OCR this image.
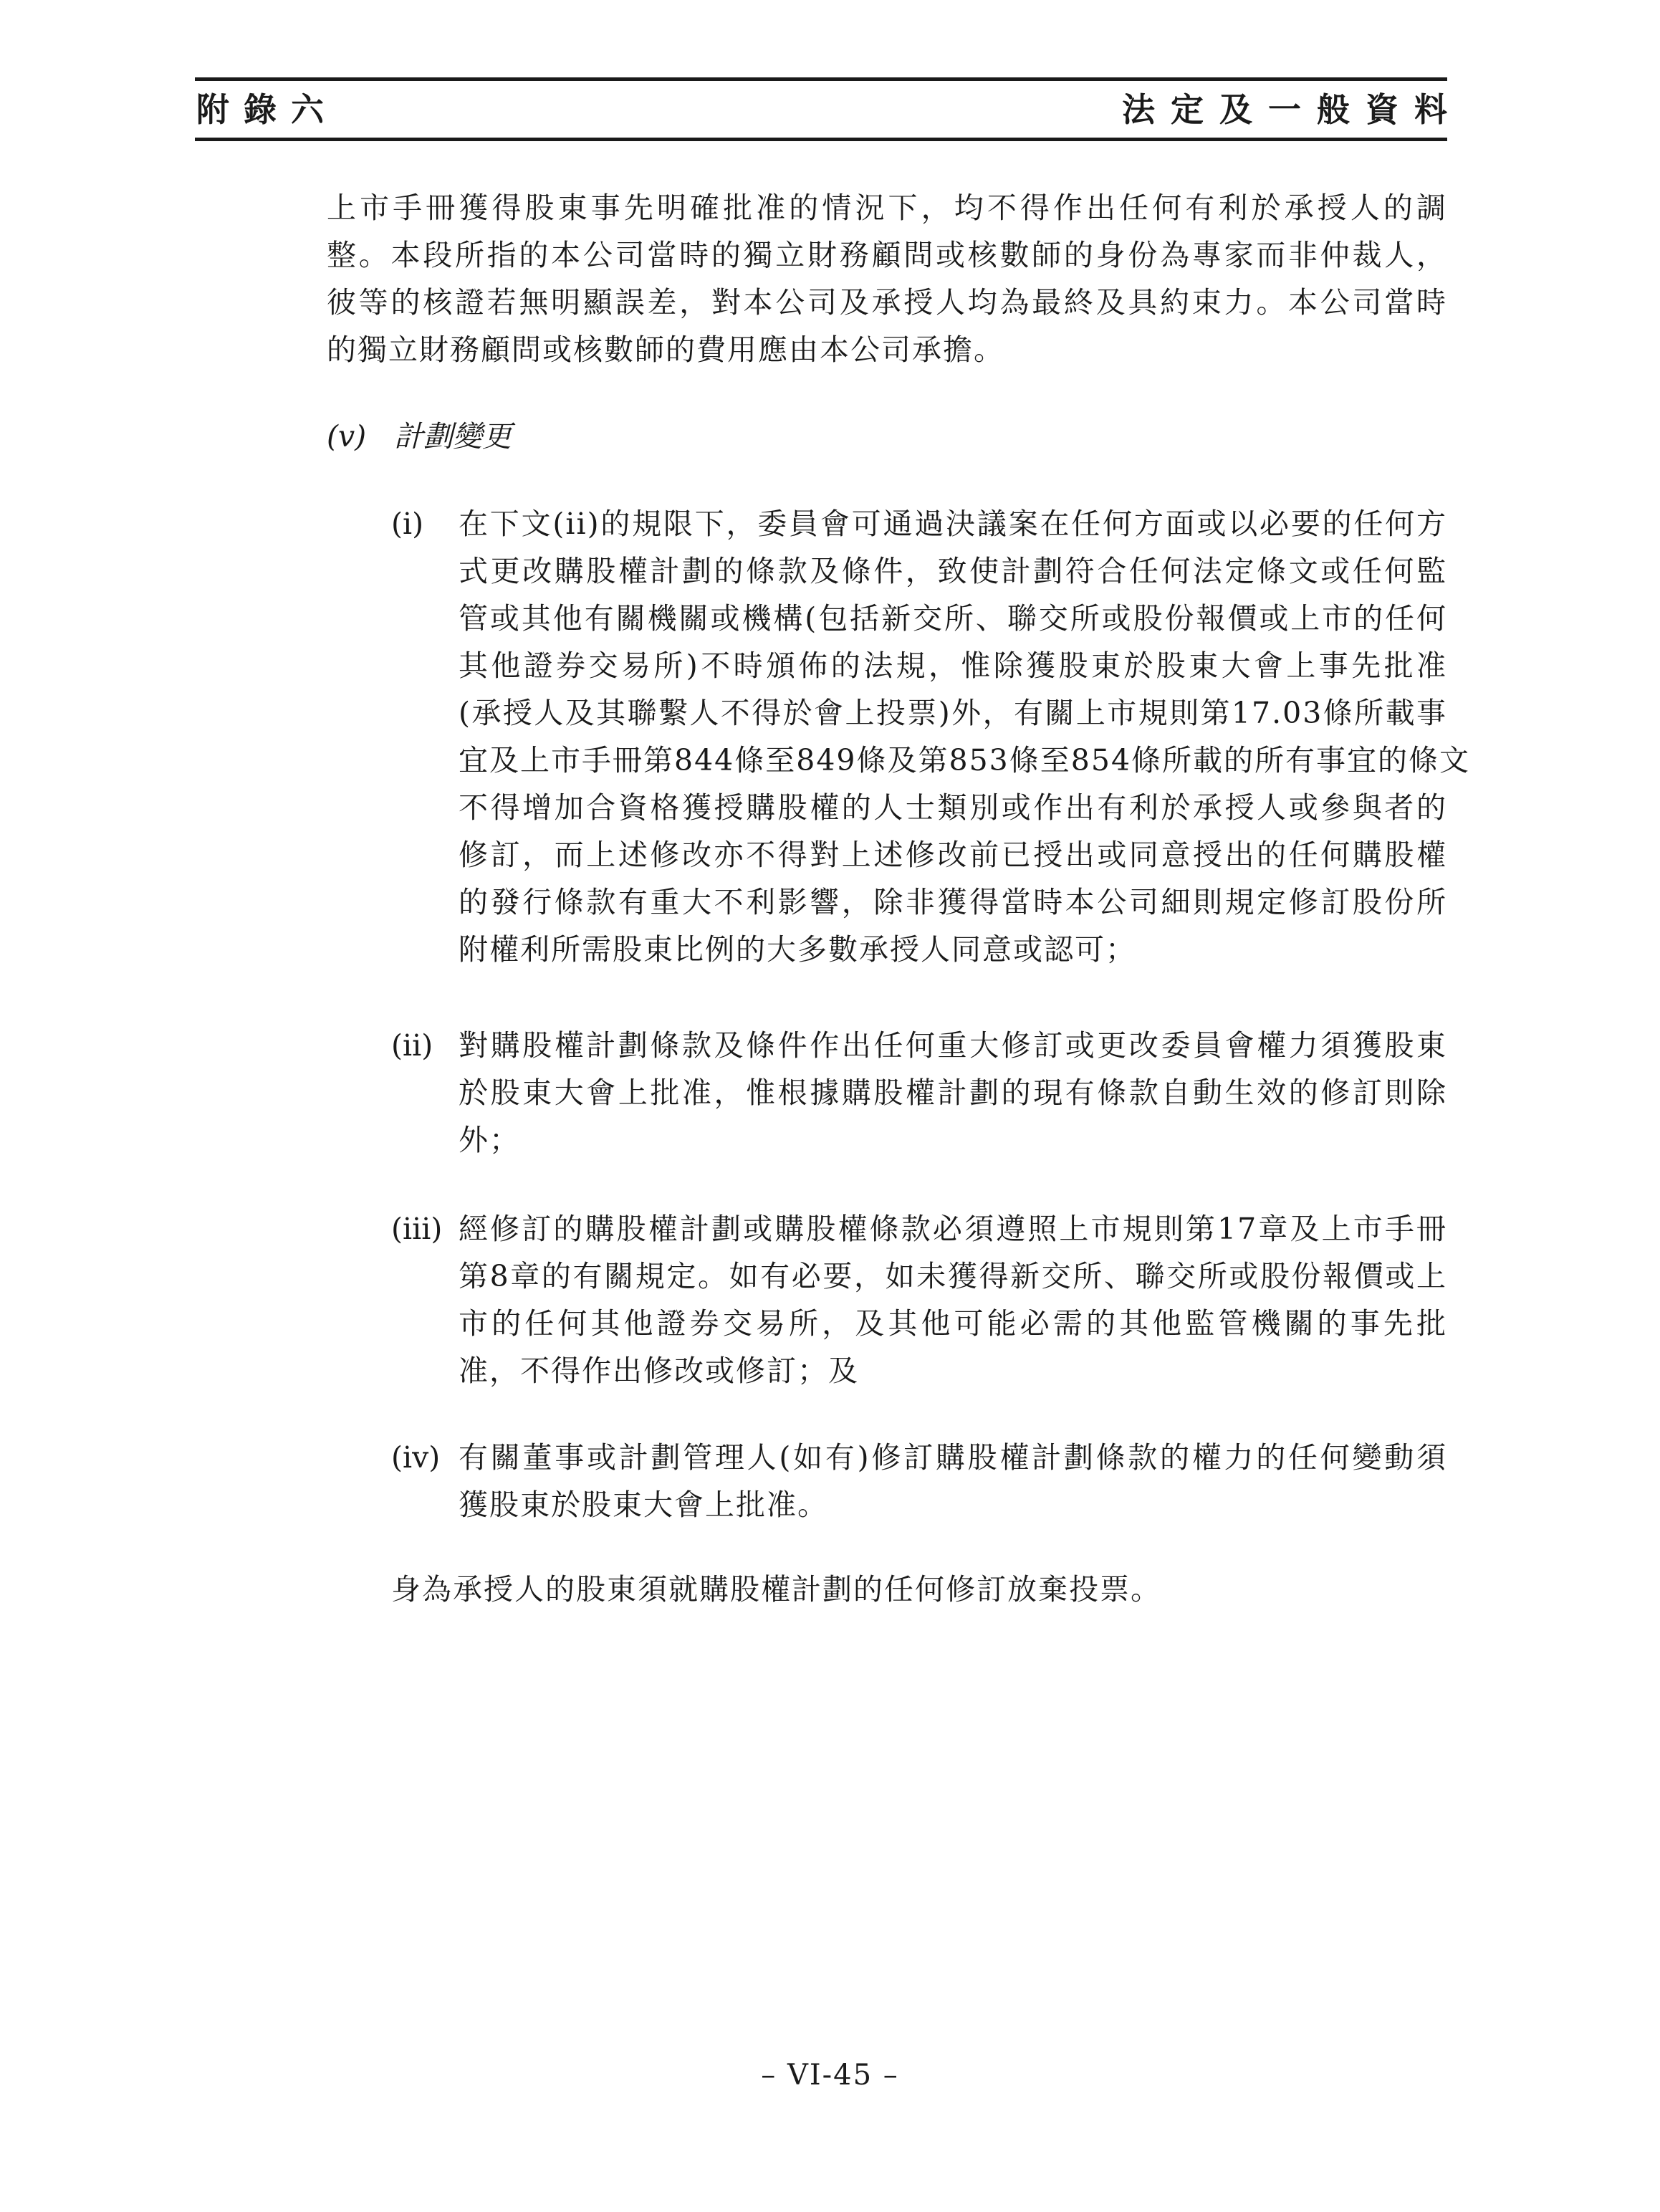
附錄六	法定及一般資料
上市手冊獲得股東事先明確批准的情況下，均不得作出任何有利於承授人的調
整。本段所指的本公司當時的獨立財務顧問或核數師的身份為專家而非仲裁人，
彼等的核證若無明顯誤差，對本公司及承授人均為最終及具約束力。本公司當時
的獨立財務顧問或核數師的費用應由本公司承擔。
(v) 計劃變更
(i) 在下文(ii)的規限下，委員會可通過決議案在任何方面或以必要的任何方
式更改購股權計劃的條款及條件，致使計劃符合任何法定條文或任何監
管或其他有關機關或機構(包括新交所、聯交所或股份報價或上市的任何
其他證券交易所)不時頒佈的法規，惟除獲股東於股東大會上事先批准
(承授人及其聯繫人不得於會上投票)外，有關上市規則第17.03條所載事
宜及上市手冊第844條至849條及第853條至854條所載的所有事宜的條文
不得增加合資格獲授購股權的人士類別或作出有利於承授人或參與者的
修訂，而上述修改亦不得對上述修改前已授出或同意授出的任何購股權
的發行條款有重大不利影響，除非獲得當時本公司細則規定修訂股份所
附權利所需股東比例的大多數承授人同意或認可；
(ii) 對購股權計劃條款及條件作出任何重大修訂或更改委員會權力須獲股東
於股東大會上批准，惟根據購股權計劃的現有條款自動生效的修訂則除
外；
(iii) 經修訂的購股權計劃或購股權條款必須遵照上市規則第17章及上市手冊
第8章的有關規定。如有必要，如未獲得新交所、聯交所或股份報價或上
市的任何其他證券交易所，及其他可能必需的其他監管機關的事先批
准，不得作出修改或修訂；及
(iv) 有關董事或計劃管理人(如有)修訂購股權計劃條款的權力的任何變動須
獲股東於股東大會上批准。
身為承授人的股東須就購股權計劃的任何修訂放棄投票。
– VI-45 –
